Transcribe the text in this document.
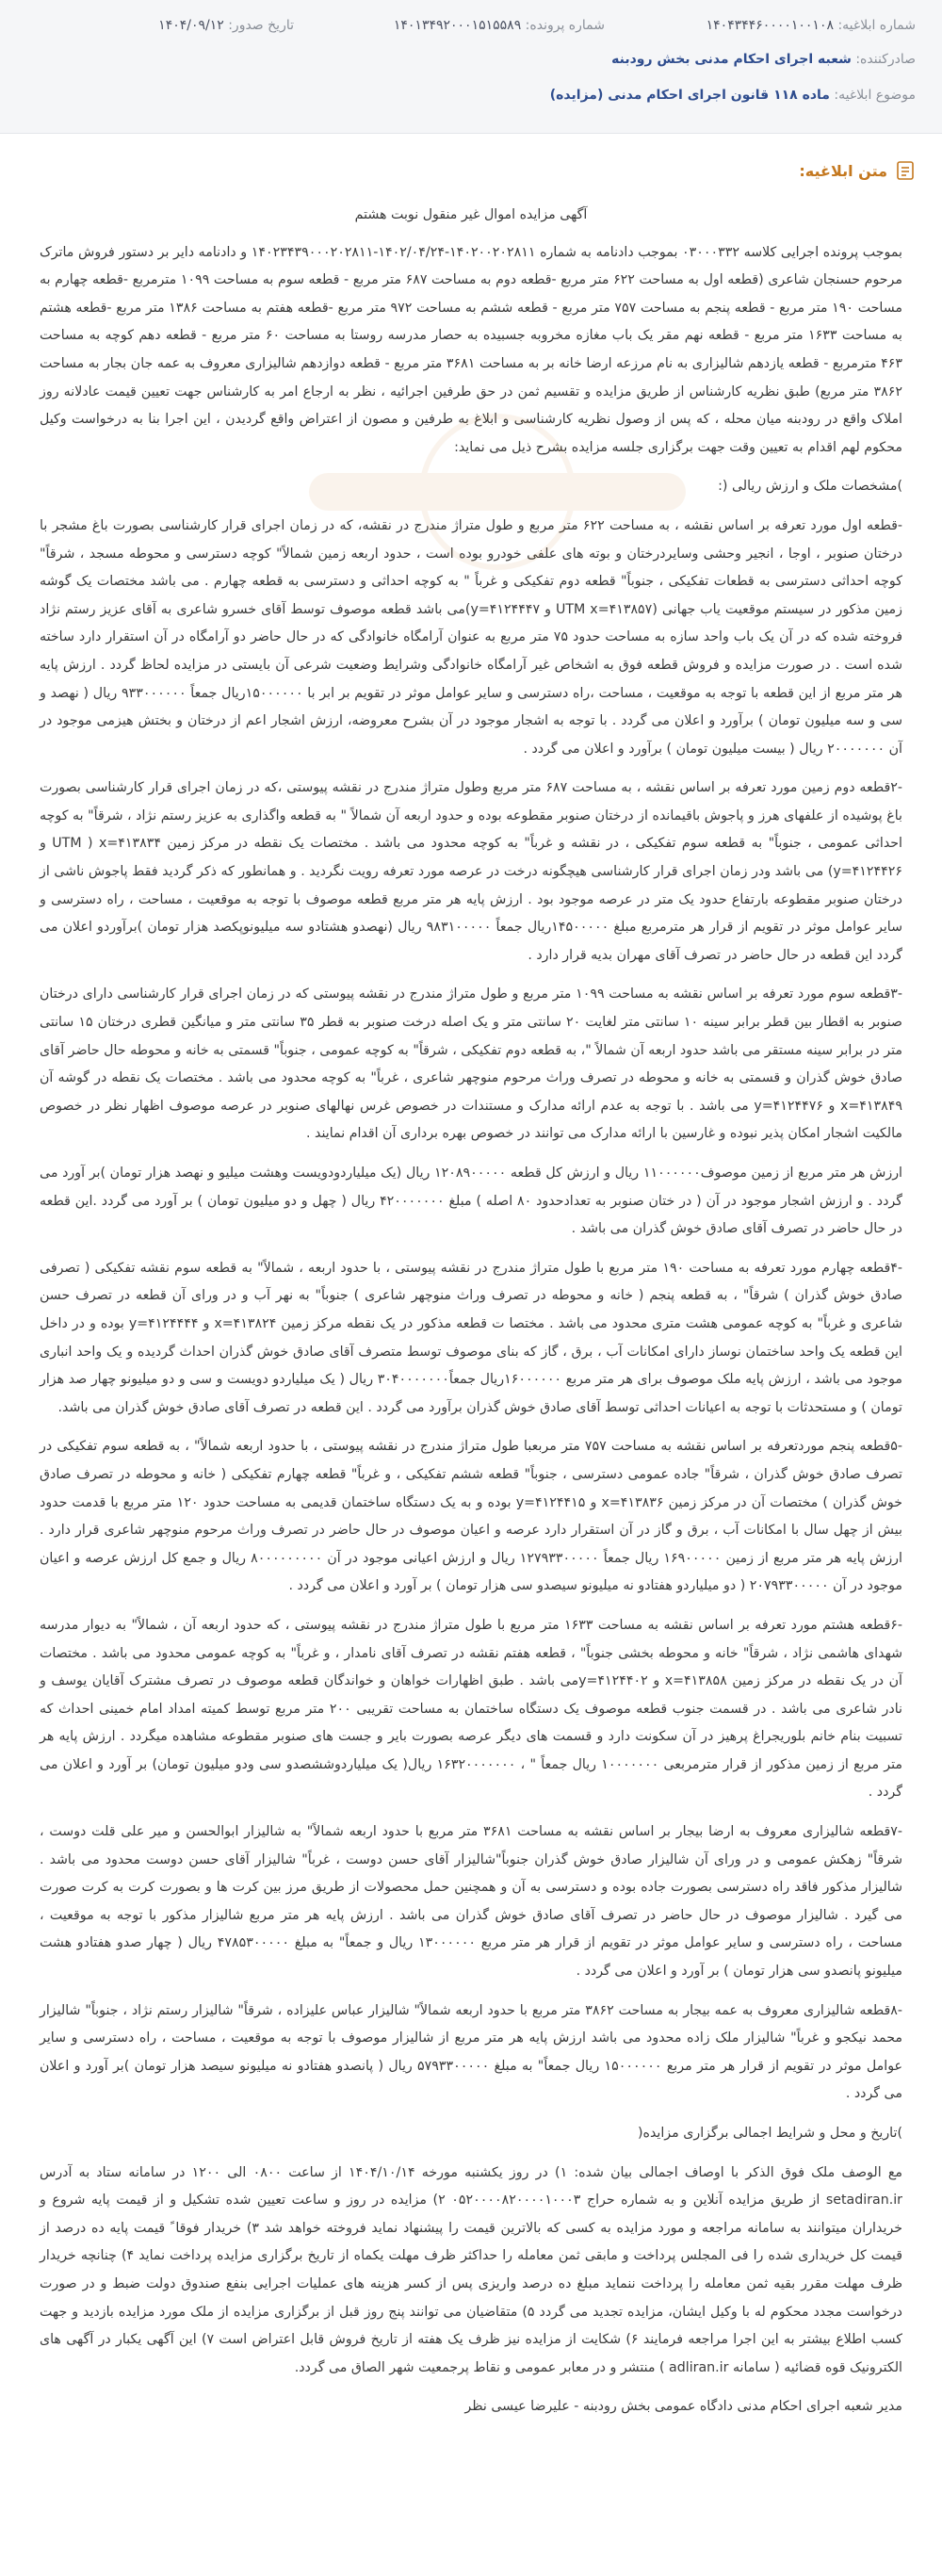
شماره ابلاغیه: ۱۴۰۴۳۴۴۶۰۰۰۰۱۰۰۱۰۸
شماره پرونده: ۱۴۰۱۳۴۹۲۰۰۰۱۵۱۵۵۸۹
تاریخ صدور: ۱۴۰۴/۰۹/۱۲
صادرکننده: شعبه اجرای احکام مدنی بخش رودبنه
موضوع ابلاغیه: ماده ۱۱۸ قانون اجرای احکام مدنی (مزایده)
متن ابلاغیه:

آگهی مزایده اموال غیر منقول نوبت هشتم

بموجب پرونده اجرایی کلاسه ۰۳۰۰۰۳۳۲ بموجب دادنامه به شماره ۱۴۰۲۰۰۲۰۲۸۱۱-۱۴۰۲/۰۴/۲۴-۱۴۰۲۳۴۳۹۰۰۰۲۰۲۸۱۱ و دادنامه دایر بر دستور فروش ماترک مرحوم حسنجان شاعری (قطعه اول به مساحت ۶۲۲ متر مربع -قطعه دوم به مساحت ۶۸۷ متر مربع - قطعه سوم به مساحت ۱۰۹۹ مترمربع -قطعه چهارم به مساحت ۱۹۰ متر مربع - قطعه پنجم به مساحت ۷۵۷ متر مربع - قطعه ششم به مساحت ۹۷۲ متر مربع -قطعه هفتم به مساحت ۱۳۸۶ متر مربع -قطعه هشتم به مساحت ۱۶۳۳ متر مربع - قطعه نهم مقر یک باب مغازه مخروبه جسبیده به حصار مدرسه روستا به مساحت ۶۰ متر مربع - قطعه دهم کوچه به مساحت ۴۶۳ مترمربع - قطعه یازدهم شالیزاری به نام مرزعه ارضا خانه بر به مساحت ۳۶۸۱ متر مربع - قطعه دوازدهم شالیزاری معروف به عمه جان بجار به مساحت ۳۸۶۲ متر مربع) طبق نظریه کارشناس از طریق مزایده و تقسیم ثمن در حق طرفین اجرائیه ، نظر به ارجاع امر به کارشناس جهت تعیین قیمت عادلانه روز املاک واقع در رودبنه میان محله ، که پس از وصول نظریه کارشناسی و ابلاغ به طرفین و مصون از اعتراض واقع گردیدن ، این اجرا بنا به درخواست وکیل محکوم لهم اقدام به تعیین وقت جهت برگزاری جلسه مزایده بشرح ذیل می نماید:

)مشخصات ملک و ارزش ریالی (:

-قطعه اول مورد تعرفه بر اساس نقشه ، به مساحت ۶۲۲ متر مربع و طول متراژ مندرج در نقشه، که در زمان اجرای قرار کارشناسی بصورت باغ مشجر با درختان صنوبر ، اوجا ، انجیر وحشی وسایردرختان و بوته های علفی خودرو بوده است ، حدود اربعه زمین شمالاً" کوچه دسترسی و محوطه مسجد ، شرقاً" کوچه احداثی دسترسی به قطعات تفکیکی ، جنوباً" قطعه دوم تفکیکی و غرباً " به کوچه احداثی و دسترسی به قطعه چهارم . می باشد مختصات یک گوشه زمین مذکور در سیستم موقعیت یاب جهانی (UTM x=۴۱۳۸۵۷ و y=۴۱۲۴۴۴۷)می باشد قطعه موصوف توسط آقای خسرو شاعری به آقای عزیز رستم نژاد فروخته شده که در آن یک باب واحد سازه به مساحت حدود ۷۵ متر مربع به عنوان آرامگاه خانوادگی که در حال حاضر دو آرامگاه در آن استقرار دارد ساخته شده است . در صورت مزایده و فروش قطعه فوق به اشخاص غیر آرامگاه خانوادگی وشرایط وضعیت شرعی آن بایستی در مزایده لحاظ گردد . ارزش پایه هر متر مربع از این قطعه با توجه به موقعیت ، مساحت ،راه دسترسی و سایر عوامل موثر در تقویم بر ابر با ۱۵۰۰۰۰۰۰ریال جمعاً ۹۳۳۰۰۰۰۰۰ ریال ( نهصد و سی و سه میلیون تومان ) برآورد و اعلان می گردد . با توجه به اشجار موجود در آن بشرح معروضه، ارزش اشجار اعم از درختان و بختش هیزمی موجود در آن ۲۰۰۰۰۰۰۰ ریال ( بیست میلیون تومان ) برآورد و اعلان می گردد .

-۲قطعه دوم زمین مورد تعرفه بر اساس نقشه ، به مساحت ۶۸۷ متر مربع وطول متراژ مندرج در نقشه پیوستی ،که در زمان اجرای قرار کارشناسی بصورت باغ پوشیده از علفهای هرز و پاجوش باقیمانده از درختان صنوبر مقطوعه بوده و حدود اربعه آن شمالاً " به قطعه واگذاری به عزیز رستم نژاد ، شرقاً" به کوچه احداثی عمومی ، جنوباً" به قطعه سوم تفکیکی ، در نقشه و غرباً" به کوچه محدود می باشد . مختصات یک نقطه در مرکز زمین UTM ) x=۴۱۳۸۳۴ و y=۴۱۲۴۴۲۶) می باشد ودر زمان اجرای قرار کارشناسی هیچگونه درخت در عرصه مورد تعرفه رویت نگردید . و همانطور که ذکر گردید فقط پاجوش ناشی از درختان صنوبر مقطوعه بارتفاع حدود یک متر در عرصه موجود بود . ارزش پایه هر متر مربع قطعه موصوف با توجه به موقعیت ، مساحت ، راه دسترسی و سایر عوامل موثر در تقویم از قرار هر مترمربع مبلغ ۱۴۵۰۰۰۰۰ریال جمعاً ۹۸۳۱۰۰۰۰۰ ریال (نهصدو هشتادو سه میلیونوپکصد هزار تومان )برآوردو اعلان می گردد این قطعه در حال حاضر در تصرف آقای مهران بدیه قرار دارد .

-۳قطعه سوم مورد تعرفه بر اساس نقشه به مساحت ۱۰۹۹ متر مربع و طول متراژ مندرج در نقشه پیوستی که در زمان اجرای قرار کارشناسی دارای درختان صنوبر به اقطار بین قطر برابر سینه ۱۰ سانتی متر لغایت ۲۰ سانتی متر و یک اصله درخت صنوبر به قطر ۳۵ سانتی متر و میانگین قطری درختان ۱۵ سانتی متر در برابر سینه مستقر می باشد حدود اربعه آن شمالاً "، به قطعه دوم تفکیکی ، شرقاً" به کوچه عمومی ، جنوباً" قسمتی به خانه و محوطه حال حاضر آقای صادق خوش گذران و قسمتی به خانه و محوطه در تصرف وراث مرحوم منوچهر شاعری ، غرباً" به کوچه محدود می باشد . مختصات یک نقطه در گوشه آن x=۴۱۳۸۴۹ و y=۴۱۲۴۴۷۶ می باشد . با توجه به عدم ارائه مدارک و مستندات در خصوص غرس نهالهای صنوبر در عرصه موصوف اظهار نظر در خصوص مالکیت اشجار امکان پذیر نبوده و غارسین با ارائه مدارک می توانند در خصوص بهره برداری آن اقدام نمایند .

ارزش هر متر مربع از زمین موصوف۱۱۰۰۰۰۰۰ ریال و ارزش کل قطعه ۱۲۰۸۹۰۰۰۰۰ ریال (یک میلیاردودویست وهشت میلیو و نهصد هزار تومان )بر آورد می گردد . و ارزش اشجار موجود در آن ( در ختان صنوبر به تعدادحدود ۸۰ اصله ) مبلغ ۴۲۰۰۰۰۰۰۰ ریال ( چهل و دو میلیون تومان ) بر آورد می گردد .این قطعه در حال حاضر در تصرف آقای صادق خوش گذران می باشد .

-۴قطعه چهارم مورد تعرفه به مساحت ۱۹۰ متر مربع با طول متراژ مندرج در نقشه پیوستی ، با حدود اربعه ، شمالاً" به قطعه سوم نقشه تفکیکی ( تصرفی صادق خوش گذران ) شرقاً" ، به قطعه پنجم ( خانه و محوطه در تصرف وراث منوچهر شاعری ) جنوباً" به نهر آب و در ورای آن قطعه در تصرف حسن شاعری و غرباً" به کوچه عمومی هشت متری محدود می باشد . مختصا ت قطعه مذکور در یک نقطه مرکز زمین x=۴۱۳۸۲۴ و y=۴۱۲۴۴۴۴ بوده و در داخل این قطعه یک واحد ساختمان نوساز دارای امکانات آب ، برق ، گاز که بنای موصوف توسط متصرف آقای صادق خوش گذران احداث گردیده و یک واحد انباری موجود می باشد ، ارزش پایه ملک موصوف برای هر متر مربع ۱۶۰۰۰۰۰۰ریال جمعاً۳۰۴۰۰۰۰۰۰۰ ریال ( یک میلیاردو دویست و سی و دو میلیونو چهار صد هزار تومان ) و مستحدثات با توجه به اعیانات احداثی توسط آقای صادق خوش گذران برآورد می گردد . این قطعه در تصرف آقای صادق خوش گذران می باشد.

-۵قطعه پنجم موردتعرفه بر اساس نقشه به مساحت ۷۵۷ متر مربعبا طول متراژ مندرج در نقشه پیوستی ، با حدود اربعه شمالاً" ، به قطعه سوم تفکیکی در تصرف صادق خوش گذران ، شرقاً" جاده عمومی دسترسی ، جنوباً" قطعه ششم تفکیکی ، و غرباً" قطعه چهارم تفکیکی ( خانه و محوطه در تصرف صادق خوش گذران ) مختصات آن در مرکز زمین x=۴۱۳۸۳۶ و y=۴۱۲۴۴۱۵ بوده و به یک دستگاه ساختمان قدیمی به مساحت حدود ۱۲۰ متر مربع با قدمت حدود بیش از چهل سال با امکانات آب ، برق و گاز در آن استقرار دارد عرصه و اعیان موصوف در حال حاضر در تصرف وراث مرحوم منوچهر شاعری قرار دارد . ارزش پایه هر متر مربع از زمین ۱۶۹۰۰۰۰۰ ریال جمعاً ۱۲۷۹۳۳۰۰۰۰۰ ریال و ارزش اعیانی موجود در آن ۸۰۰۰۰۰۰۰۰۰ ریال و جمع کل ارزش عرصه و اعیان موجود در آن ۲۰۷۹۳۳۰۰۰۰۰ ( دو میلیاردو هفتادو نه میلیونو سیصدو سی هزار تومان ) بر آورد و اعلان می گردد .

-۶قطعه هشتم مورد تعرفه بر اساس نقشه به مساحت ۱۶۳۳ متر مربع با طول متراژ مندرج در نقشه پیوستی ، که حدود اربعه آن ، شمالاً" به دیوار مدرسه شهدای هاشمی نژاد ، شرقاً" خانه و محوطه بخشی جنوباً" ، قطعه هفتم نقشه در تصرف آقای نامدار ، و غرباً" به کوچه عمومی محدود می باشد . مختصات آن در یک نقطه در مرکز زمین x=۴۱۳۸۵۸ و y=۴۱۲۴۴۰۲می باشد . طبق اظهارات خواهان و خواندگان قطعه موصوف در تصرف مشترک آقایان یوسف و نادر شاعری می باشد . در قسمت جنوب قطعه موصوف یک دستگاه ساختمان به مساحت تقریبی ۲۰۰ متر مربع توسط کمیته امداد امام خمینی احداث که تسبیت بنام خانم بلوریجراغ پرهیز در آن سکونت دارد و قسمت های دیگر عرصه بصورت بایر و جست های صنوبر مقطوعه مشاهده میگردد . ارزش پایه هر متر مربع از زمین مذکور از قرار مترمربعی ۱۰۰۰۰۰۰۰ ریال جمعاً " ، ۱۶۳۲۰۰۰۰۰۰۰ ریال( یک میلیاردوششصدو سی ودو میلیون تومان) بر آورد و اعلان می گردد .

-۷قطعه شالیزاری معروف به ارضا بیجار بر اساس نقشه به مساحت ۳۶۸۱ متر مربع با حدود اربعه شمالاً" به شالیزار ابوالحسن و میر علی قلت دوست ، شرقاً" زهکش عمومی و در ورای آن شالیزار صادق خوش گذران جنوباً"شالیزار آقای حسن دوست ، غرباً" شالیزار آقای حسن دوست محدود می باشد . شالیزار مذکور فاقد راه دسترسی بصورت جاده بوده و دسترسی به آن و همچنین حمل محصولات از طریق مرز بین کرت ها و بصورت کرت به کرت صورت می گیرد . شالیزار موصوف در حال حاضر در تصرف آقای صادق خوش گذران می باشد . ارزش پایه هر متر مربع شالیزار مذکور با توجه به موقعیت ، مساحت ، راه دسترسی و سایر عوامل موثر در تقویم از قرار هر متر مربع ۱۳۰۰۰۰۰۰ ریال و جمعاً" به مبلغ ۴۷۸۵۳۰۰۰۰۰ ریال ( چهار صدو هفتادو هشت میلیونو پانصدو سی هزار تومان ) بر آورد و اعلان می گردد .

-۸قطعه شالیزاری معروف به عمه بیجار به مساحت ۳۸۶۲ متر مربع با حدود اربعه شمالاً" شالیزار عباس علیزاده ، شرقاً" شالیزار رستم نژاد ، جنوباً" شالیزار محمد نیکجو و غرباً" شالیزار ملک زاده محدود می باشد ارزش پایه هر متر مربع از شالیزار موصوف با توجه به موقعیت ، مساحت ، راه دسترسی و سایر عوامل موثر در تقویم از قرار هر متر مربع ۱۵۰۰۰۰۰۰ ریال جمعاً" به مبلغ ۵۷۹۳۳۰۰۰۰۰ ریال ( پانصدو هفتادو نه میلیونو سیصد هزار تومان )بر آورد و اعلان می گردد .

)تاریخ و محل و شرایط اجمالی برگزاری مزایده(

مع الوصف ملک فوق الذکر با اوصاف اجمالی بیان شده: ۱) در روز یکشنبه مورخه ۱۴۰۴/۱۰/۱۴ از ساعت ۰۸۰۰ الی ۱۲۰۰ در سامانه ستاد به آدرس setadiran.ir از طریق مزایده آنلاین و به شماره حراج ۰۵۲۰۰۰۰۸۲۰۰۰۰۱۰۰۰۳ ۲) مزایده در روز و ساعت تعیین شده تشکیل و از قیمت پایه شروع و خریداران میتوانند به سامانه مراجعه و مورد مزایده به کسی که بالاترین قیمت را پیشنهاد نماید فروخته خواهد شد ۳) خریدار فوقا ً قیمت پایه ده درصد از قیمت کل خریداری شده را فی المجلس پرداخت و مابقی ثمن معامله را حداکثر ظرف مهلت یکماه از تاریخ برگزاری مزایده پرداخت نماید ۴) چنانچه خریدار ظرف مهلت مقرر بقیه ثمن معامله را پرداخت ننماید مبلغ ده درصد واریزی پس از کسر هزینه های عملیات اجرایی بنفع صندوق دولت ضبط و در صورت درخواست مجدد محکوم له با وکیل ایشان، مزایده تجدید می گردد ۵) متقاضیان می توانند پنج روز قبل از برگزاری مزایده از ملک مورد مزایده بازدید و جهت کسب اطلاع بیشتر به این اجرا مراجعه فرمایند ۶) شکایت از مزایده نیز ظرف یک هفته از تاریخ فروش قابل اعتراض است ۷) این آگهی یکبار در آگهی های الکترونیک قوه قضائیه ( سامانه adliran.ir ) منتشر و در معابر عمومی و نقاط پرجمعیت شهر الصاق می گردد.

مدیر شعبه اجرای احکام مدنی دادگاه عمومی بخش رودبنه - علیرضا عیسی نظر
